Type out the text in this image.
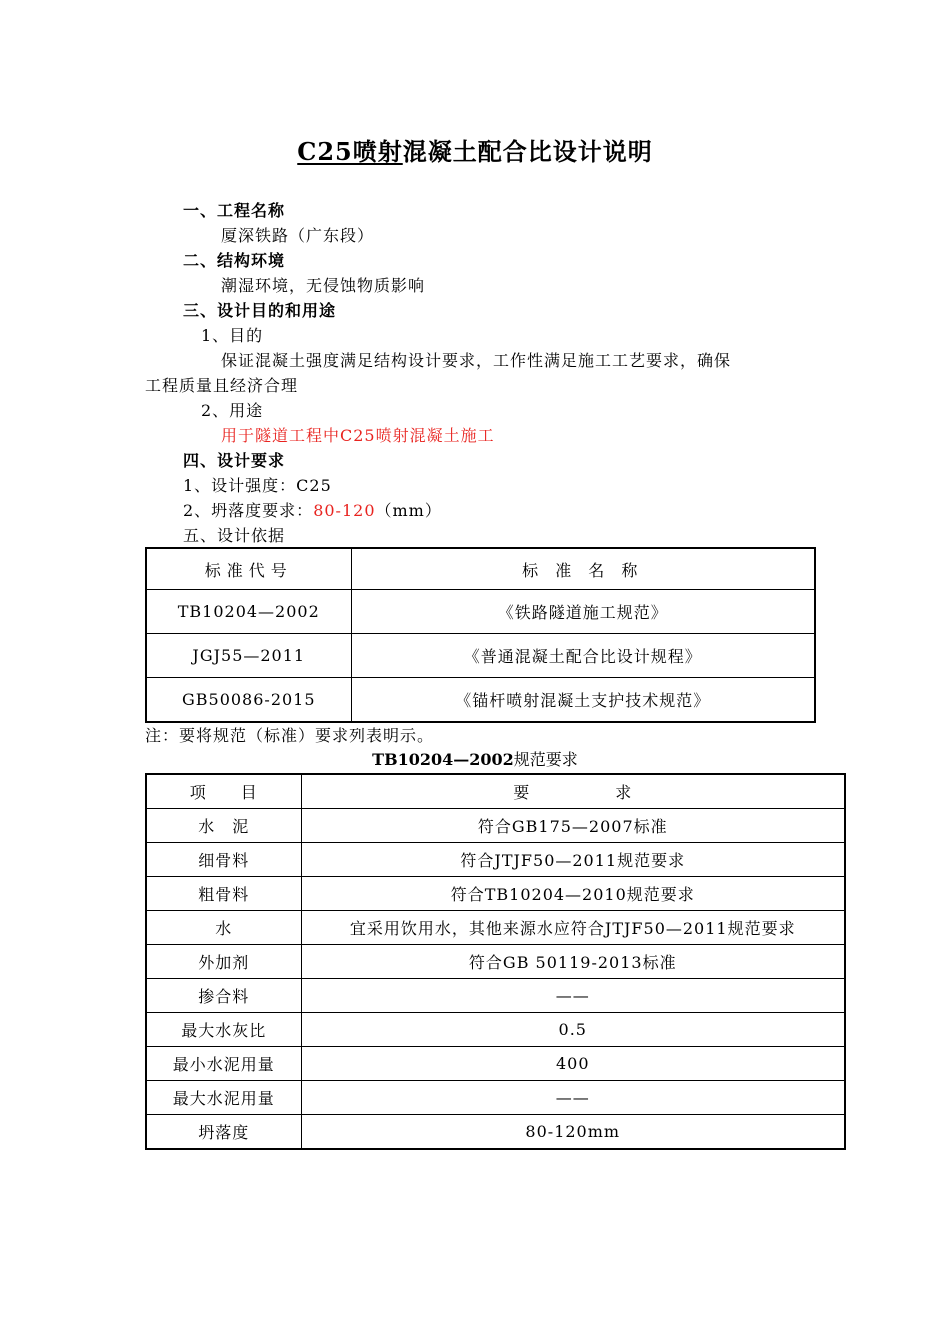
C25喷射混凝土配合比设计说明
一、工程名称
厦深铁路（广东段）
二、结构环境
潮湿环境，无侵蚀物质影响
三、设计目的和用途
1、目的
保证混凝土强度满足结构设计要求，工作性满足施工工艺要求，确保
工程质量且经济合理
2、用途
用于隧道工程中C25喷射混凝土施工
四、设计要求
1、设计强度：C25
2、坍落度要求：80-120（mm）
五、设计依据
标准代号	标 准 名 称
TB10204—2002	《铁路隧道施工规范》
JGJ55—2011	《普通混凝土配合比设计规程》
GB50086-2015	《锚杆喷射混凝土支护技术规范》
注：要将规范（标准）要求列表明示。
TB10204—2002规范要求
项　　目	要　　　　　求
水　泥	符合GB175—2007标准
细骨料	符合JTJF50—2011规范要求
粗骨料	符合TB10204—2010规范要求
水	宜采用饮用水，其他来源水应符合JTJF50—2011规范要求
外加剂	符合GB 50119-2013标准
掺合料	——
最大水灰比	0.5
最小水泥用量	400
最大水泥用量	——
坍落度	80-120mm
